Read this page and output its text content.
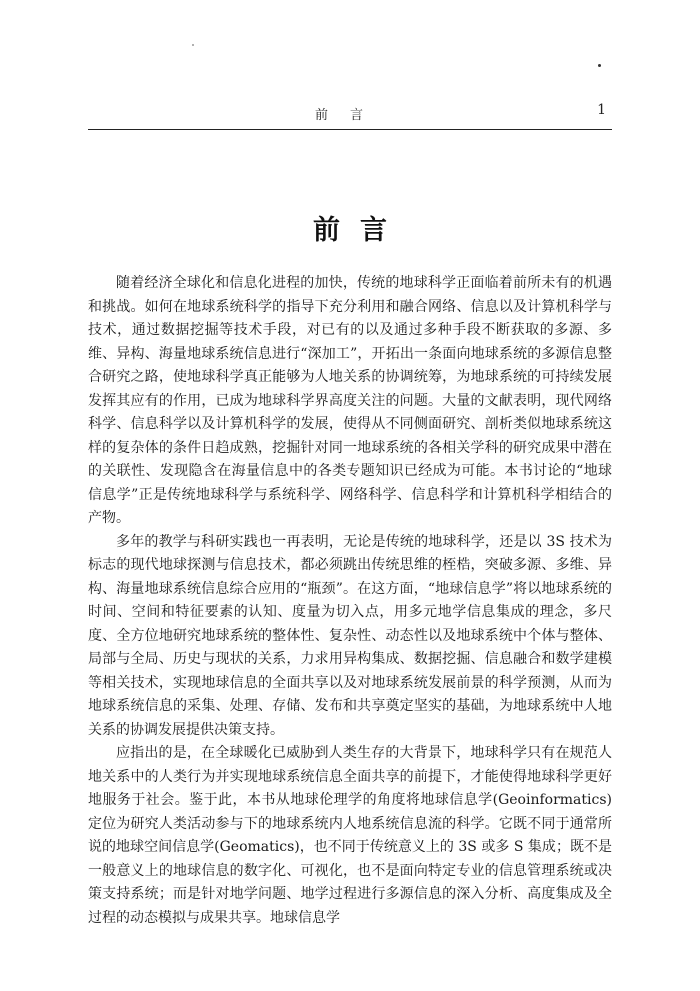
前言	1
前言

随着经济全球化和信息化进程的加快，传统的地球科学正面临着前所未有的机遇和挑战。如何在地球系统科学的指导下充分利用和融合网络、信息以及计算机科学与技术，通过数据挖掘等技术手段，对已有的以及通过多种手段不断获取的多源、多维、异构、海量地球系统信息进行“深加工”，开拓出一条面向地球系统的多源信息整合研究之路，使地球科学真正能够为人地关系的协调统筹，为地球系统的可持续发展发挥其应有的作用，已成为地球科学界高度关注的问题。大量的文献表明，现代网络科学、信息科学以及计算机科学的发展，使得从不同侧面研究、剖析类似地球系统这样的复杂体的条件日趋成熟，挖掘针对同一地球系统的各相关学科的研究成果中潜在的关联性、发现隐含在海量信息中的各类专题知识已经成为可能。本书讨论的“地球信息学”正是传统地球科学与系统科学、网络科学、信息科学和计算机科学相结合的产物。

多年的教学与科研实践也一再表明，无论是传统的地球科学，还是以 3S 技术为标志的现代地球探测与信息技术，都必须跳出传统思维的桎梏，突破多源、多维、异构、海量地球系统信息综合应用的“瓶颈”。在这方面，“地球信息学”将以地球系统的时间、空间和特征要素的认知、度量为切入点，用多元地学信息集成的理念，多尺度、全方位地研究地球系统的整体性、复杂性、动态性以及地球系统中个体与整体、局部与全局、历史与现状的关系，力求用异构集成、数据挖掘、信息融合和数学建模等相关技术，实现地球信息的全面共享以及对地球系统发展前景的科学预测，从而为地球系统信息的采集、处理、存储、发布和共享奠定坚实的基础，为地球系统中人地关系的协调发展提供决策支持。

应指出的是，在全球暖化已威胁到人类生存的大背景下，地球科学只有在规范人地关系中的人类行为并实现地球系统信息全面共享的前提下，才能使得地球科学更好地服务于社会。鉴于此，本书从地球伦理学的角度将地球信息学(Geoinformatics)定位为研究人类活动参与下的地球系统内人地系统信息流的科学。它既不同于通常所说的地球空间信息学(Geomatics)，也不同于传统意义上的 3S 或多 S 集成；既不是一般意义上的地球信息的数字化、可视化，也不是面向特定专业的信息管理系统或决策支持系统；而是针对地学问题、地学过程进行多源信息的深入分析、高度集成及全过程的动态模拟与成果共享。地球信息学
